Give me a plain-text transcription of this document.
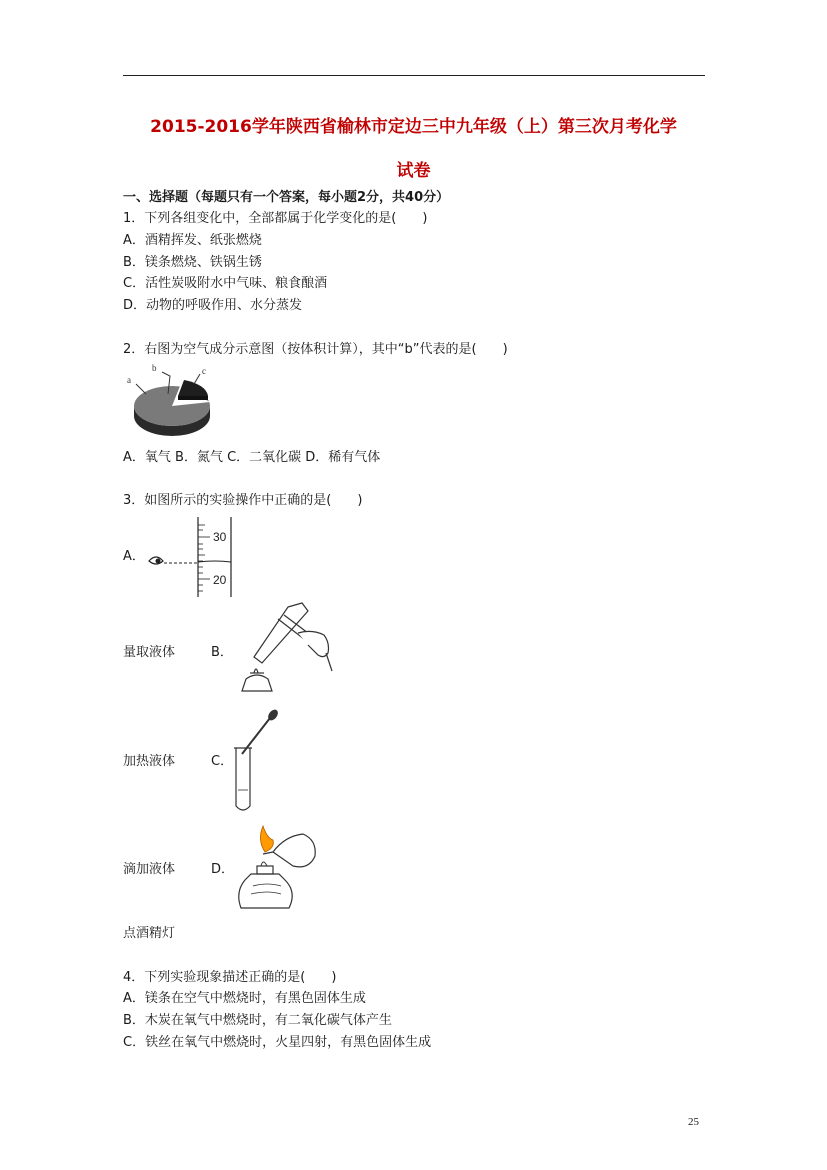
2015-2016学年陕西省榆林市定边三中九年级（上）第三次月考化学
试卷
一、选择题（每题只有一个答案，每小题2分，共40分）
1．下列各组变化中，全部都属于化学变化的是(　　)
A．酒精挥发、纸张燃烧
B．镁条燃烧、铁锅生锈
C．活性炭吸附水中气味、粮食酿酒
D．动物的呼吸作用、水分蒸发
2．右图为空气成分示意图（按体积计算），其中“b”代表的是(　　)
a
b	c
A．氧气 B．氮气 C．二氧化碳 D．稀有气体
3．如图所示的实验操作中正确的是(　　)
A．
30
20
量取液体	B．
加热液体	C．
滴加液体	D．
点酒精灯
4．下列实验现象描述正确的是(　　)
A．镁条在空气中燃烧时，有黑色固体生成
B．木炭在氧气中燃烧时，有二氧化碳气体产生
C．铁丝在氧气中燃烧时，火星四射，有黑色固体生成
25
